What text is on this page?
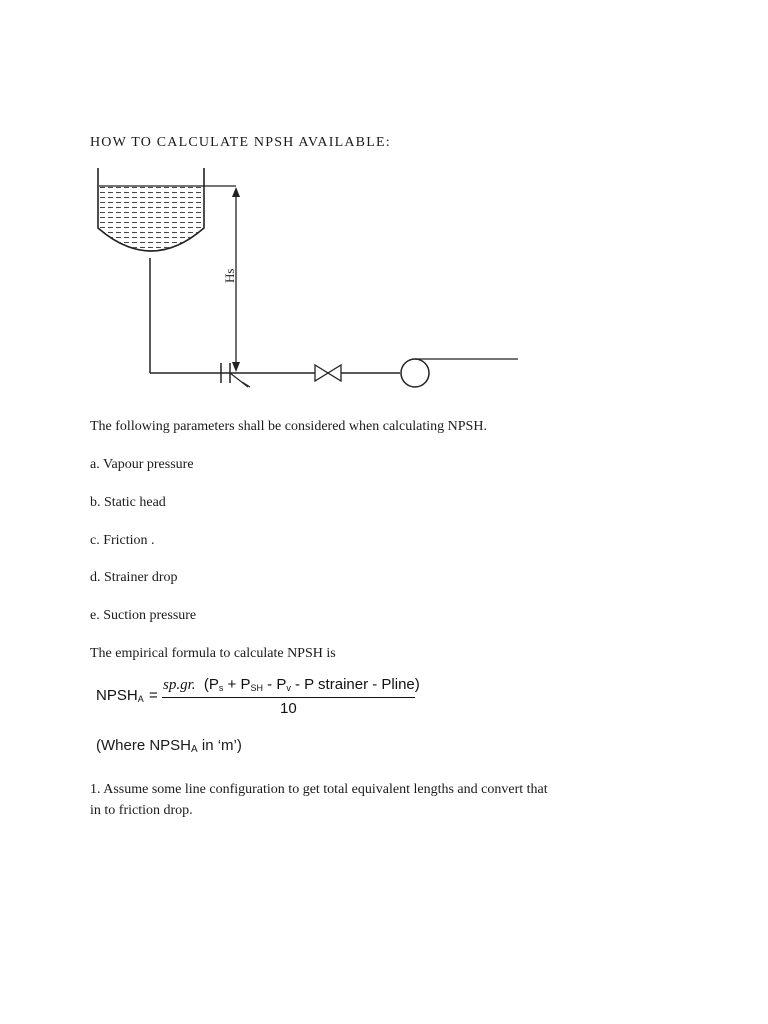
HOW TO CALCULATE NPSH AVAILABLE:
Hs
The following parameters shall be considered when calculating NPSH.
a. Vapour pressure
b. Static head
c. Friction .
d. Strainer drop
e. Suction pressure
The empirical formula to calculate NPSH is
$NPSH_A$ =
sp.gr. ($P_s + P_{SH} - P_v - P$ strainer - Pline)
10
(Where $NPSH_A$ in ‘m’)
1. Assume some line configuration to get total equivalent lengths and convert that
in to friction drop.
